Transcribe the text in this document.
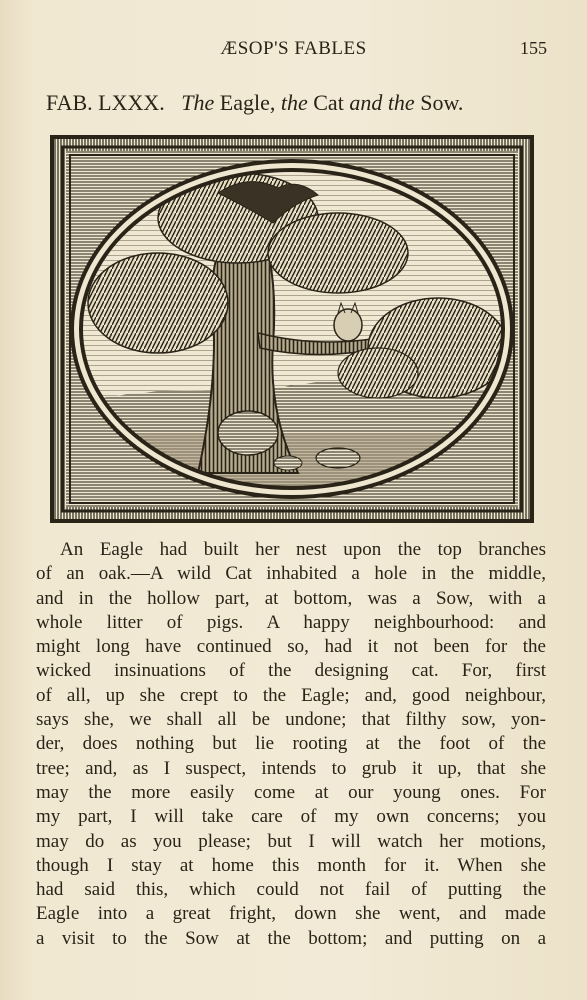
ÆSOP'S FABLES	155
FAB. LXXX. The Eagle, the Cat and the Sow.
An Eagle had built her nest upon the top branches
of an oak.—A wild Cat inhabited a hole in the middle,
and in the hollow part, at bottom, was a Sow, with a
whole litter of pigs. A happy neighbourhood: and
might long have continued so, had it not been for the
wicked insinuations of the designing cat. For, first
of all, up she crept to the Eagle; and, good neighbour,
says she, we shall all be undone; that filthy sow, yon-
der, does nothing but lie rooting at the foot of the
tree; and, as I suspect, intends to grub it up, that she
may the more easily come at our young ones. For
my part, I will take care of my own concerns; you
may do as you please; but I will watch her motions,
though I stay at home this month for it. When she
had said this, which could not fail of putting the
Eagle into a great fright, down she went, and made
a visit to the Sow at the bottom; and putting on a
